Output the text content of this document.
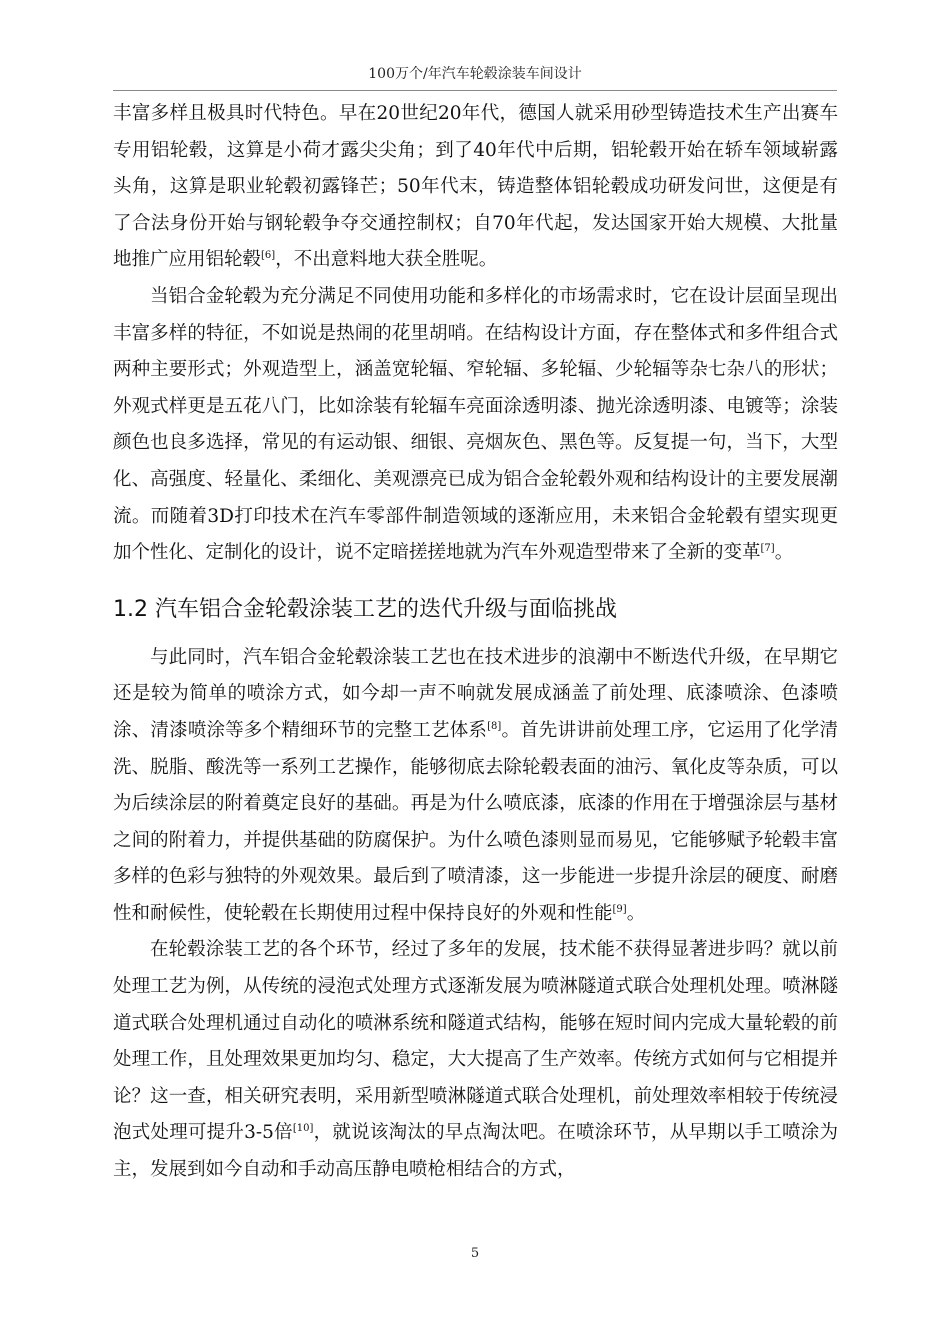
100万个/年汽车轮毂涂装车间设计

丰富多样且极具时代特色。早在20世纪20年代，德国人就采用砂型铸造技术生产出赛车专用铝轮毂，这算是小荷才露尖尖角；到了40年代中后期，铝轮毂开始在轿车领域崭露头角，这算是职业轮毂初露锋芒；50年代末，铸造整体铝轮毂成功研发问世，这便是有了合法身份开始与钢轮毂争夺交通控制权；自70年代起，发达国家开始大规模、大批量地推广应用铝轮毂[6]，不出意料地大获全胜呢。

当铝合金轮毂为充分满足不同使用功能和多样化的市场需求时，它在设计层面呈现出丰富多样的特征，不如说是热闹的花里胡哨。在结构设计方面，存在整体式和多件组合式两种主要形式；外观造型上，涵盖宽轮辐、窄轮辐、多轮辐、少轮辐等杂七杂八的形状；外观式样更是五花八门，比如涂装有轮辐车亮面涂透明漆、抛光涂透明漆、电镀等；涂装颜色也良多选择，常见的有运动银、细银、亮烟灰色、黑色等。反复提一句，当下，大型化、高强度、轻量化、柔细化、美观漂亮已成为铝合金轮毂外观和结构设计的主要发展潮流。而随着3D打印技术在汽车零部件制造领域的逐渐应用，未来铝合金轮毂有望实现更加个性化、定制化的设计，说不定暗搓搓地就为汽车外观造型带来了全新的变革[7]。

1.2 汽车铝合金轮毂涂装工艺的迭代升级与面临挑战

与此同时，汽车铝合金轮毂涂装工艺也在技术进步的浪潮中不断迭代升级，在早期它还是较为简单的喷涂方式，如今却一声不响就发展成涵盖了前处理、底漆喷涂、色漆喷涂、清漆喷涂等多个精细环节的完整工艺体系[8]。首先讲讲前处理工序，它运用了化学清洗、脱脂、酸洗等一系列工艺操作，能够彻底去除轮毂表面的油污、氧化皮等杂质，可以为后续涂层的附着奠定良好的基础。再是为什么喷底漆，底漆的作用在于增强涂层与基材之间的附着力，并提供基础的防腐保护。为什么喷色漆则显而易见，它能够赋予轮毂丰富多样的色彩与独特的外观效果。最后到了喷清漆，这一步能进一步提升涂层的硬度、耐磨性和耐候性，使轮毂在长期使用过程中保持良好的外观和性能[9]。

在轮毂涂装工艺的各个环节，经过了多年的发展，技术能不获得显著进步吗？就以前处理工艺为例，从传统的浸泡式处理方式逐渐发展为喷淋隧道式联合处理机处理。喷淋隧道式联合处理机通过自动化的喷淋系统和隧道式结构，能够在短时间内完成大量轮毂的前处理工作，且处理效果更加均匀、稳定，大大提高了生产效率。传统方式如何与它相提并论？这一查，相关研究表明，采用新型喷淋隧道式联合处理机，前处理效率相较于传统浸泡式处理可提升3-5倍[10]，就说该淘汰的早点淘汰吧。在喷涂环节，从早期以手工喷涂为主，发展到如今自动和手动高压静电喷枪相结合的方式，

5
